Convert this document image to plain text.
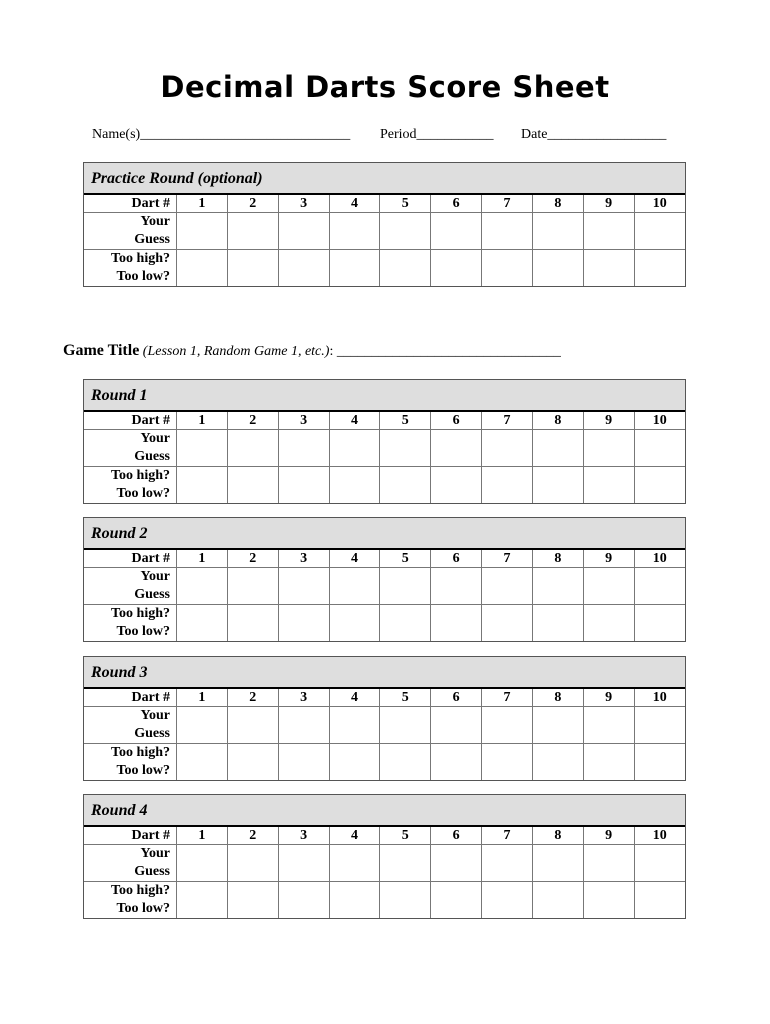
Decimal Darts Score Sheet
Name(s)______________________________ Period___________ Date_________________
Game Title (Lesson 1, Random Game 1, etc.): ________________________________
Practice Round (optional)
Dart #	1	2	3	4	5	6	7	8	9	10
Your
Guess										
Too high?
Too low?										
Round 1
Dart #	1	2	3	4	5	6	7	8	9	10
Your
Guess										
Too high?
Too low?										
Round 2
Dart #	1	2	3	4	5	6	7	8	9	10
Your
Guess										
Too high?
Too low?										
Round 3
Dart #	1	2	3	4	5	6	7	8	9	10
Your
Guess										
Too high?
Too low?										
Round 4
Dart #	1	2	3	4	5	6	7	8	9	10
Your
Guess										
Too high?
Too low?										
